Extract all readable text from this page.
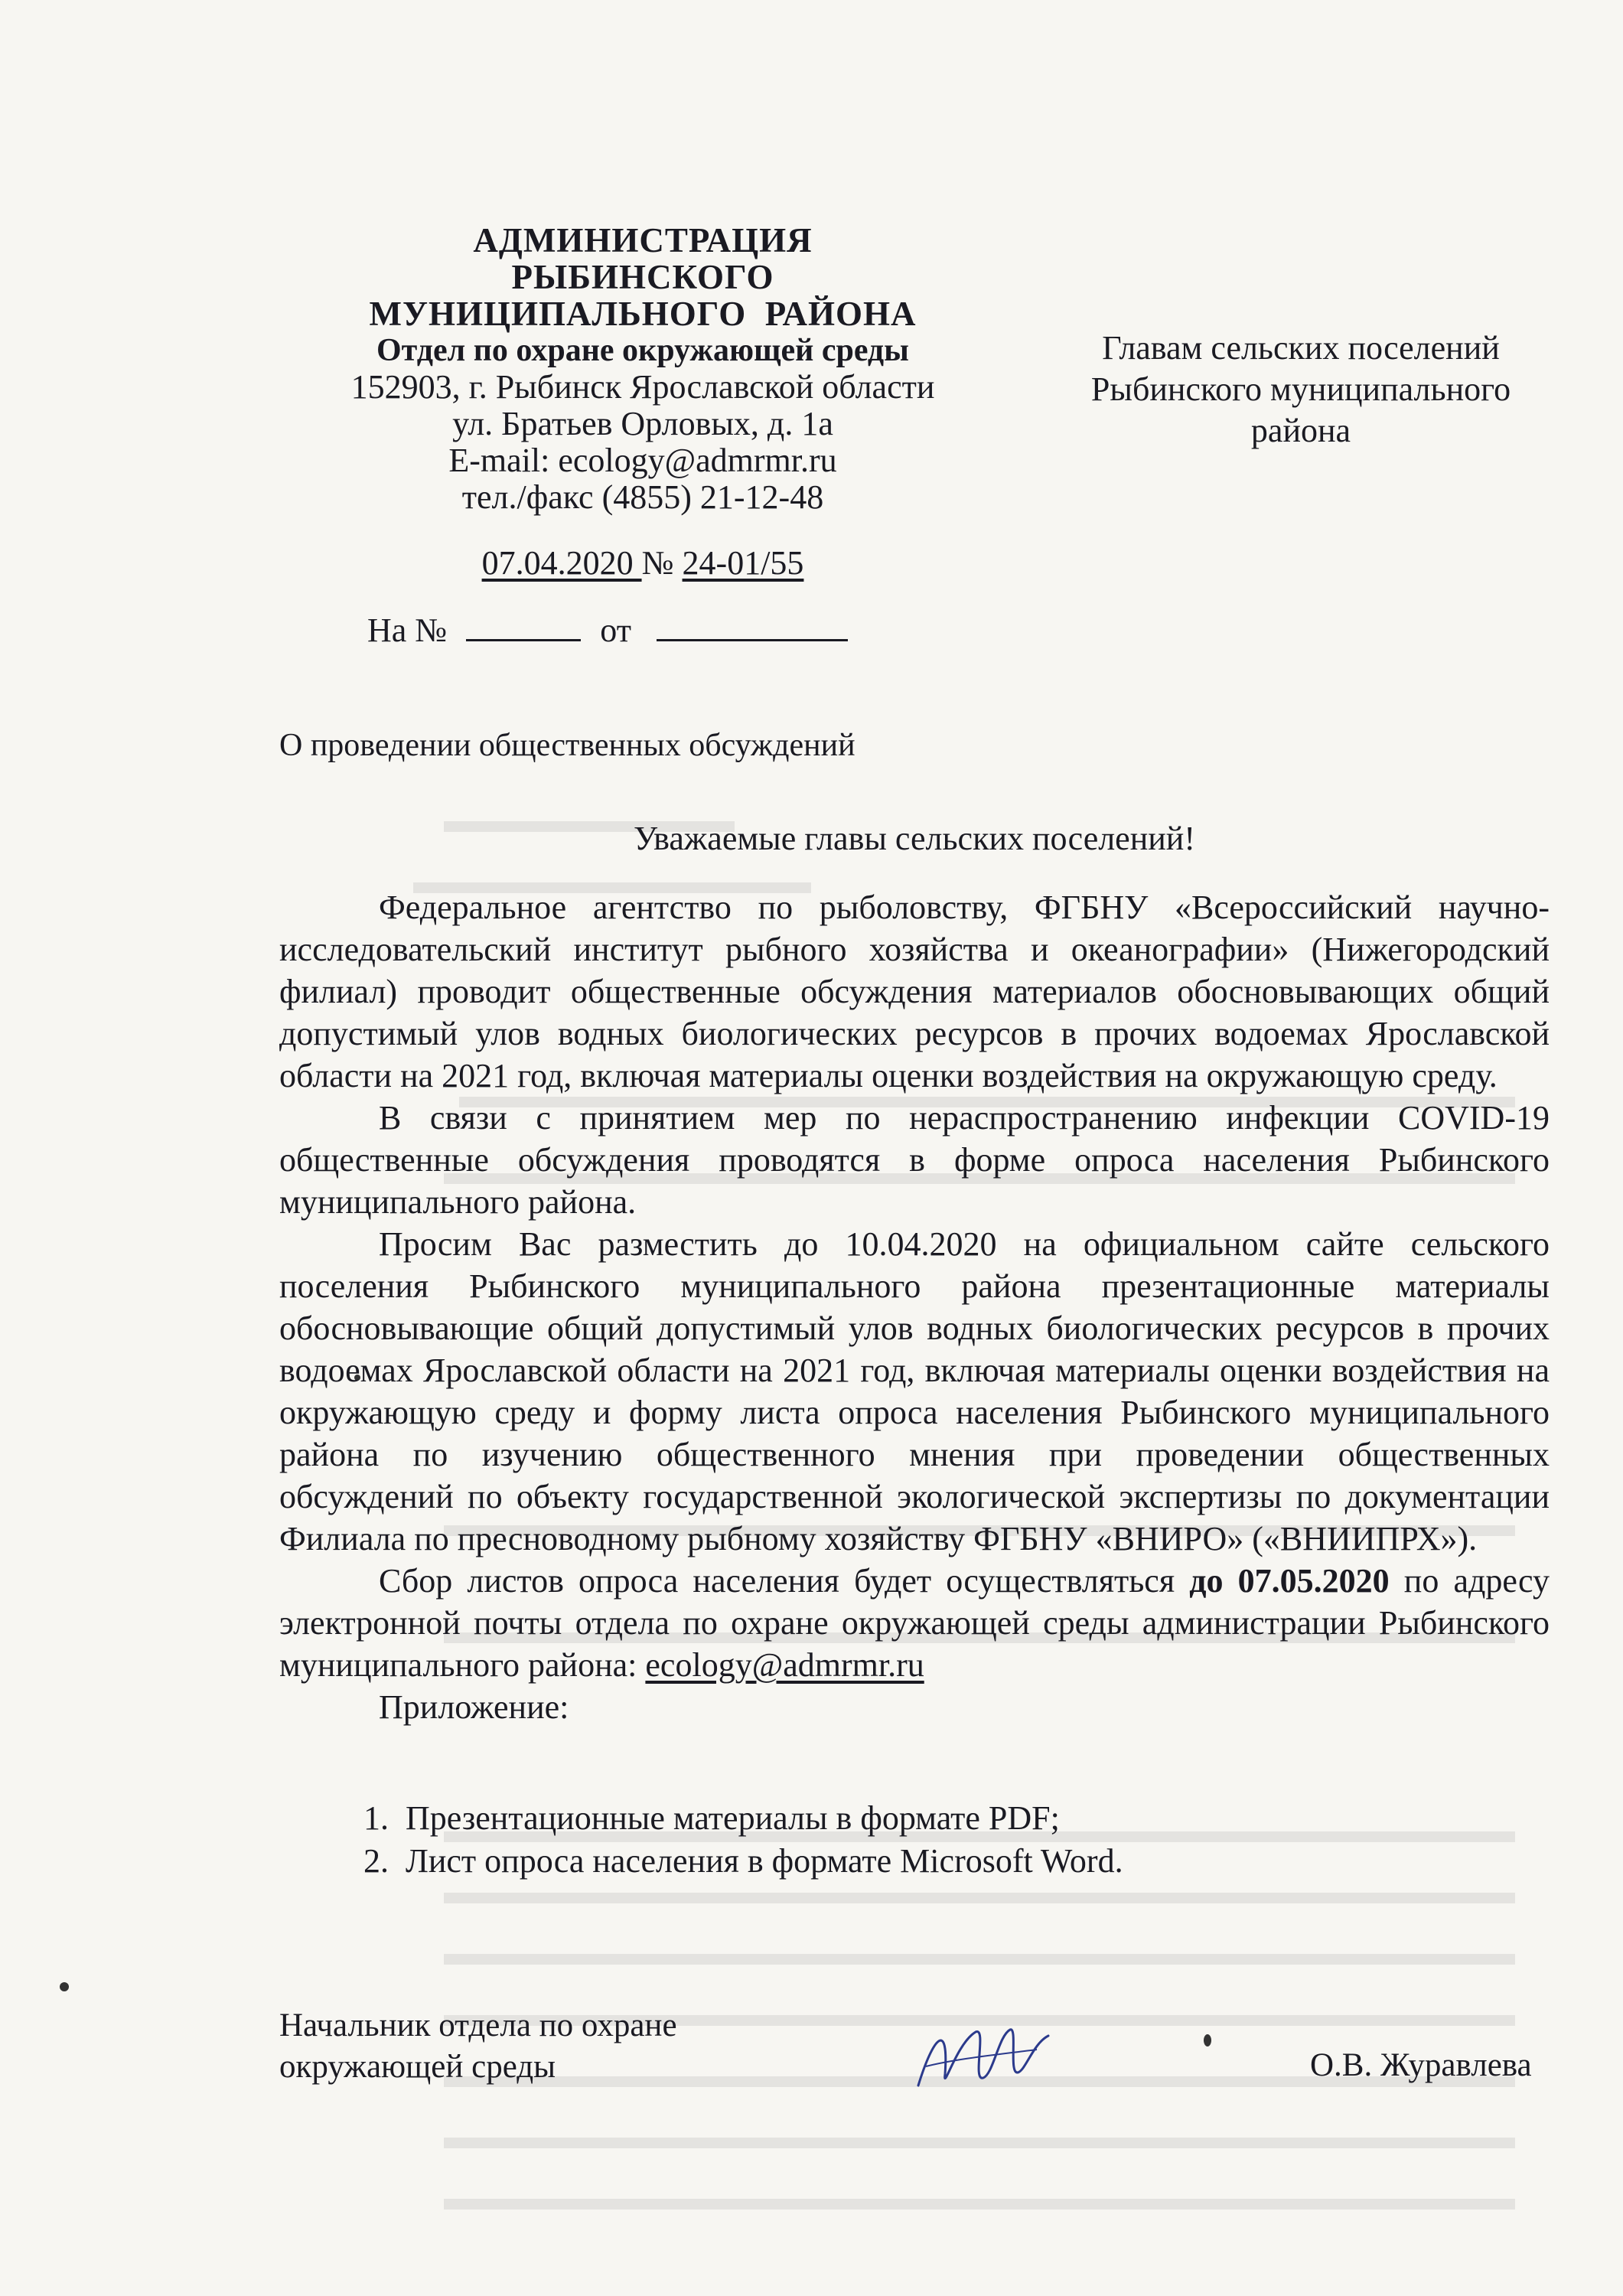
АДМИНИСТРАЦИЯ
РЫБИНСКОГО
МУНИЦИПАЛЬНОГО  РАЙОНА
Отдел по охране окружающей среды
152903, г. Рыбинск Ярославской области
ул. Братьев Орловых, д. 1а
E-mail: ecology@admrmr.ru
тел./факс (4855) 21-12-48
07.04.2020 № 24-01/55
На №	от
Главам сельских поселений
Рыбинского муниципального
района
О проведении общественных обсуждений
Уважаемые главы сельских поселений!

Федеральное агентство по рыболовству, ФГБНУ «Всероссийский научно-исследовательский институт рыбного хозяйства и океанографии» (Нижегородский филиал) проводит общественные обсуждения материалов обосновывающих общий допустимый улов водных биологических ресурсов в прочих водоемах Ярославской области на 2021 год, включая материалы оценки воздействия на окружающую среду.

В связи с принятием мер по нераспространению инфекции COVID-19 общественные обсуждения проводятся в форме опроса населения Рыбинского муниципального района.

Просим Вас разместить до 10.04.2020 на официальном сайте сельского поселения Рыбинского муниципального района презентационные материалы обосновывающие общий допустимый улов водных биологических ресурсов в прочих водоемах Ярославской области на 2021 год, включая материалы оценки воздействия на окружающую среду и форму листа опроса населения Рыбинского муниципального района по изучению общественного мнения при проведении общественных обсуждений по объекту государственной экологической экспертизы по документации Филиала по пресноводному рыбному хозяйству ФГБНУ «ВНИРО» («ВНИИПРХ»).

Сбор листов опроса населения будет осуществляться до 07.05.2020 по адресу электронной почты отдела по охране окружающей среды администрации Рыбинского муниципального района: ecology@admrmr.ru

Приложение:

1. Презентационные материалы в формате PDF;
2. Лист опроса населения в формате Microsoft Word.
Начальник отдела по охране
окружающей среды	О.В. Журавлева
